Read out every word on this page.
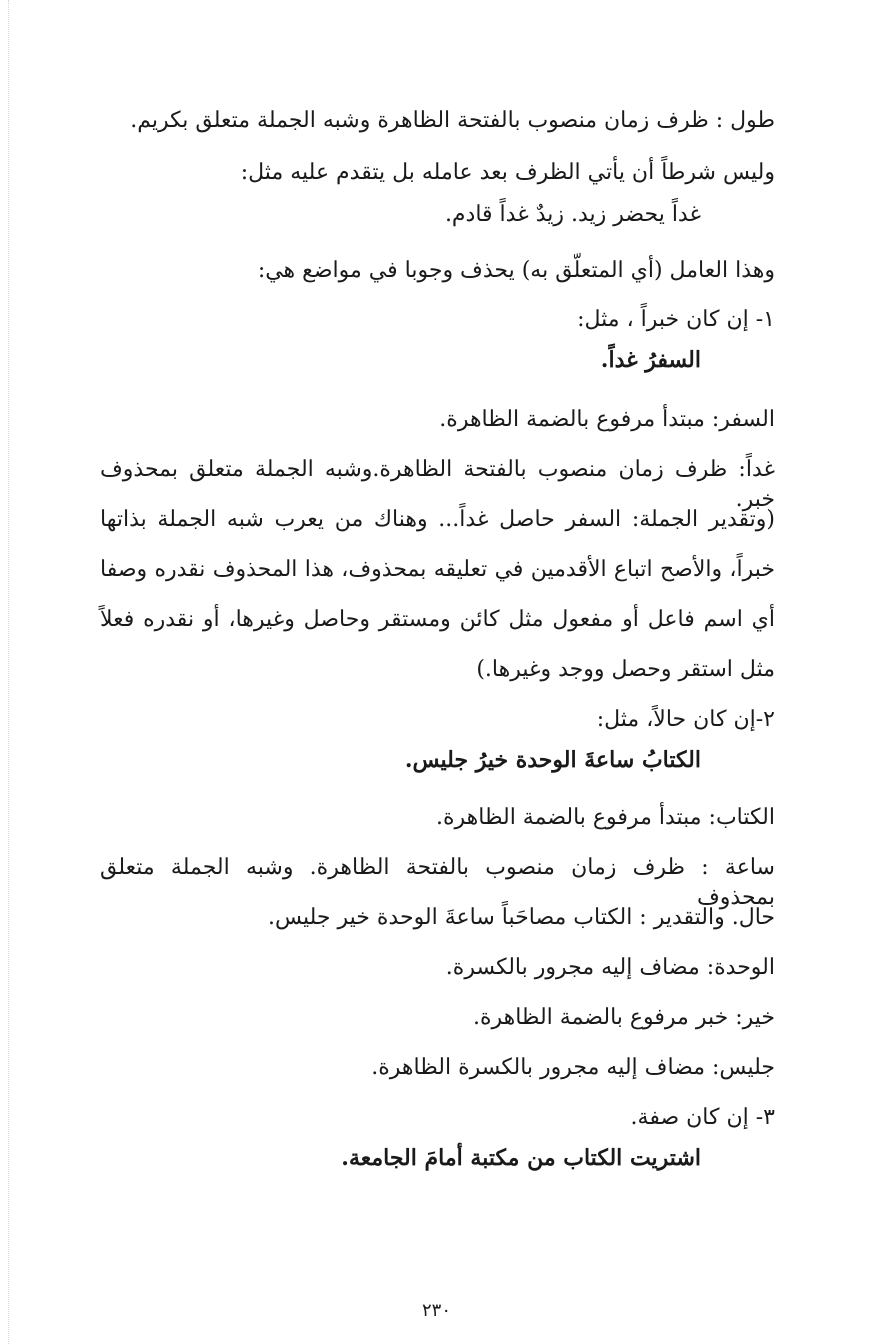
طول : ظرف زمان منصوب بالفتحة الظاهرة وشبه الجملة متعلق بكريم.
وليس شرطاً أن يأتي الظرف بعد عامله بل يتقدم عليه مثل:
غداً يحضر زيد. زيدٌ غداً قادم.
وهذا العامل (أي المتعلّق به) يحذف وجوبا في مواضع هي:
١- إن كان خبراً ، مثل:
السفرُ غداً.
السفر: مبتدأ مرفوع بالضمة الظاهرة.
غداً: ظرف زمان منصوب بالفتحة الظاهرة.وشبه الجملة متعلق بمحذوف خبر.
(وتقدير الجملة: السفر حاصل غداً... وهناك من يعرب شبه الجملة بذاتها
خبراً، والأصح اتباع الأقدمين في تعليقه بمحذوف، هذا المحذوف نقدره وصفا
أي اسم فاعل أو مفعول مثل كائن ومستقر وحاصل وغيرها، أو نقدره فعلاً
مثل استقر وحصل ووجد وغيرها.)
٢-إن كان حالاً، مثل:
الكتابُ ساعةَ الوحدة خيرُ جليس.
الكتاب: مبتدأ مرفوع بالضمة الظاهرة.
ساعة : ظرف زمان منصوب بالفتحة الظاهرة. وشبه الجملة متعلق بمحذوف
حال. والتقدير : الكتاب مصاحَباً ساعةَ الوحدة خير جليس.
الوحدة: مضاف إليه مجرور بالكسرة.
خير: خبر مرفوع بالضمة الظاهرة.
جليس: مضاف إليه مجرور بالكسرة الظاهرة.
٣- إن كان صفة.
اشتريت الكتاب من مكتبة أمامَ الجامعة.
٢٣٠
